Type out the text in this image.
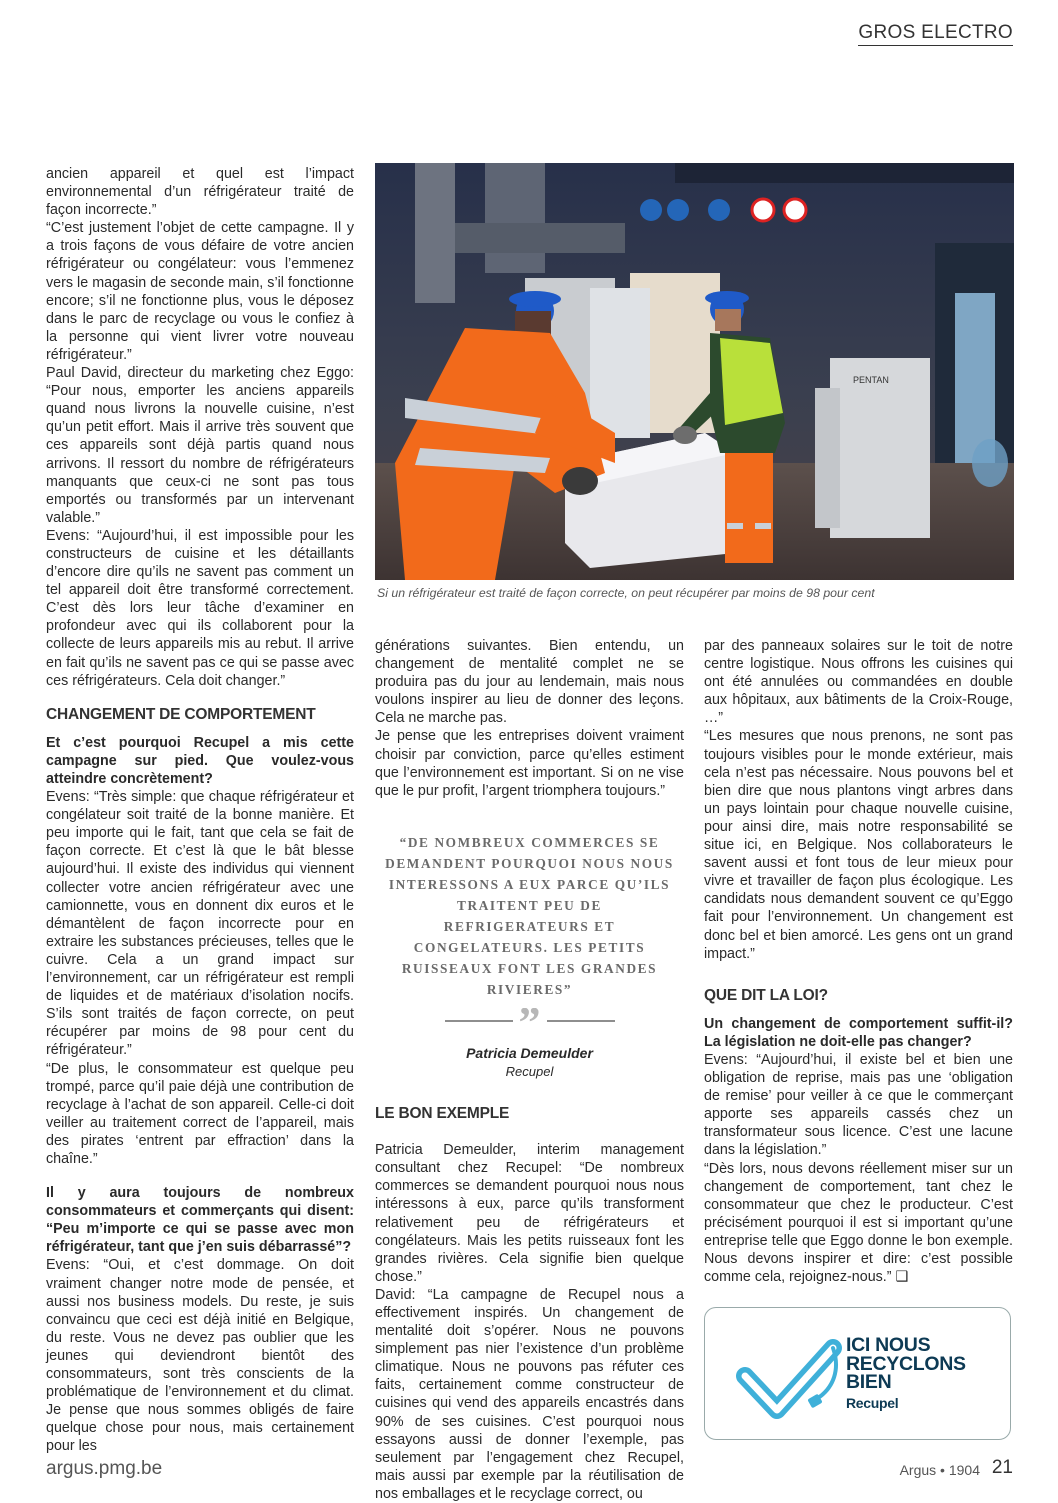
GROS ELECTRO

ancien appareil et quel est l’impact environnemental d’un réfrigérateur traité de façon incorrecte.”

“C’est justement l’objet de cette campagne. Il y a trois façons de vous défaire de votre ancien réfrigérateur ou congélateur: vous l’emmenez vers le magasin de seconde main, s’il fonctionne encore; s’il ne fonctionne plus, vous le déposez dans le parc de recyclage ou vous le confiez à la personne qui vient livrer votre nouveau réfrigérateur.”

Paul David, directeur du marketing chez Eggo: “Pour nous, emporter les anciens appareils quand nous livrons la nouvelle cuisine, n’est qu’un petit effort. Mais il arrive très souvent que ces appareils sont déjà partis quand nous arrivons. Il ressort du nombre de réfrigérateurs manquants que ceux-ci ne sont pas tous emportés ou transformés par un intervenant valable.”

Evens: “Aujourd’hui, il est impossible pour les constructeurs de cuisine et les détaillants d’encore dire qu’ils ne savent pas comment un tel appareil doit être transformé correctement. C’est dès lors leur tâche d’examiner en profondeur avec qui ils collaborent pour la collecte de leurs appareils mis au rebut. Il arrive en fait qu’ils ne savent pas ce qui se passe avec ces réfrigérateurs. Cela doit changer.”

CHANGEMENT DE COMPORTEMENT

Et c’est pourquoi Recupel a mis cette campagne sur pied. Que voulez-vous atteindre concrètement?

Evens: “Très simple: que chaque réfrigérateur et congélateur soit traité de la bonne manière. Et peu importe qui le fait, tant que cela se fait de façon correcte. Et c’est là que le bât blesse aujourd’hui. Il existe des individus qui viennent collecter votre ancien réfrigérateur avec une camionnette, vous en donnent dix euros et le démantèlent de façon incorrecte pour en extraire les substances précieuses, telles que le cuivre. Cela a un grand impact sur l’environnement, car un réfrigérateur est rempli de liquides et de matériaux d’isolation nocifs. S’ils sont traités de façon correcte, on peut récupérer par moins de 98 pour cent du réfrigérateur.”

“De plus, le consommateur est quelque peu trompé, parce qu’il paie déjà une contribution de recyclage à l’achat de son appareil. Celle-ci doit veiller au traitement correct de l’appareil, mais des pirates ‘entrent par effraction’ dans la chaîne.”

Il y aura toujours de nombreux consommateurs et commerçants qui disent: “Peu m’importe ce qui se passe avec mon réfrigérateur, tant que j’en suis débarrassé”?

Evens: “Oui, et c’est dommage. On doit vraiment changer notre mode de pensée, et aussi nos business models. Du reste, je suis convaincu que ceci est déjà initié en Belgique, du reste. Vous ne devez pas oublier que les jeunes qui deviendront bientôt des consommateurs, sont très conscients de la problématique de l’environnement et du climat. Je pense que nous sommes obligés de faire quelque chose pour nous, mais certainement pour les

PENTAN
Si un réfrigérateur est traité de façon correcte, on peut récupérer par moins de 98 pour cent

générations suivantes. Bien entendu, un changement de mentalité complet ne se produira pas du jour au lendemain, mais nous voulons inspirer au lieu de donner des leçons. Cela ne marche pas.

Je pense que les entreprises doivent vraiment choisir par conviction, parce qu’elles estiment que l’environnement est important. Si on ne vise que le pur profit, l’argent triomphera toujours.”

“DE NOMBREUX COMMERCES SE DEMANDENT POURQUOI NOUS NOUS INTERESSONS A EUX PARCE QU’ILS TRAITENT PEU DE REFRIGERATEURS ET CONGELATEURS. LES PETITS RUISSEAUX FONT LES GRANDES RIVIERES”
”
Patricia Demeulder
Recupel
LE BON EXEMPLE

Patricia Demeulder, interim management consultant chez Recupel: “De nombreux commerces se demandent pourquoi nous nous intéressons à eux, parce qu’ils transforment relativement peu de réfrigérateurs et congélateurs. Mais les petits ruisseaux font les grandes rivières. Cela signifie bien quelque chose.”

David: “La campagne de Recupel nous a effectivement inspirés. Un changement de mentalité doit s’opérer. Nous ne pouvons simplement pas nier l’existence d’un problème climatique. Nous ne pouvons pas réfuter ces faits, certainement comme constructeur de cuisines qui vend des appareils encastrés dans 90% de ses cuisines. C’est pourquoi nous essayons aussi de donner l’exemple, pas seulement par l’engagement chez Recupel, mais aussi par exemple par la réutilisation de nos emballages et le recyclage correct, ou

par des panneaux solaires sur le toit de notre centre logistique. Nous offrons les cuisines qui ont été annulées ou commandées en double aux hôpitaux, aux bâtiments de la Croix-Rouge, …”

“Les mesures que nous prenons, ne sont pas toujours visibles pour le monde extérieur, mais cela n’est pas nécessaire. Nous pouvons bel et bien dire que nous plantons vingt arbres dans un pays lointain pour chaque nouvelle cuisine, pour ainsi dire, mais notre responsabilité se situe ici, en Belgique. Nos collaborateurs le savent aussi et font tous de leur mieux pour vivre et travailler de façon plus écologique. Les candidats nous demandent souvent ce qu’Eggo fait pour l’environnement. Un changement est donc bel et bien amorcé. Les gens ont un grand impact.”

QUE DIT LA LOI?

Un changement de comportement suffit-il? La législation ne doit-elle pas changer?

Evens: “Aujourd’hui, il existe bel et bien une obligation de reprise, mais pas une ‘obligation de remise’ pour veiller à ce que le commerçant apporte ses appareils cassés chez un transformateur sous licence. C’est une lacune dans la législation.”

“Dès lors, nous devons réellement miser sur un changement de comportement, tant chez le consommateur que chez le producteur. C’est précisément pourquoi il est si important qu’une entreprise telle que Eggo donne le bon exemple. Nous devons inspirer et dire: c’est possible comme cela, rejoignez-nous.” ❑

ICI NOUS
RECYCLONS
BIEN
Recupel
argus.pmg.be	Argus • 1904 21
